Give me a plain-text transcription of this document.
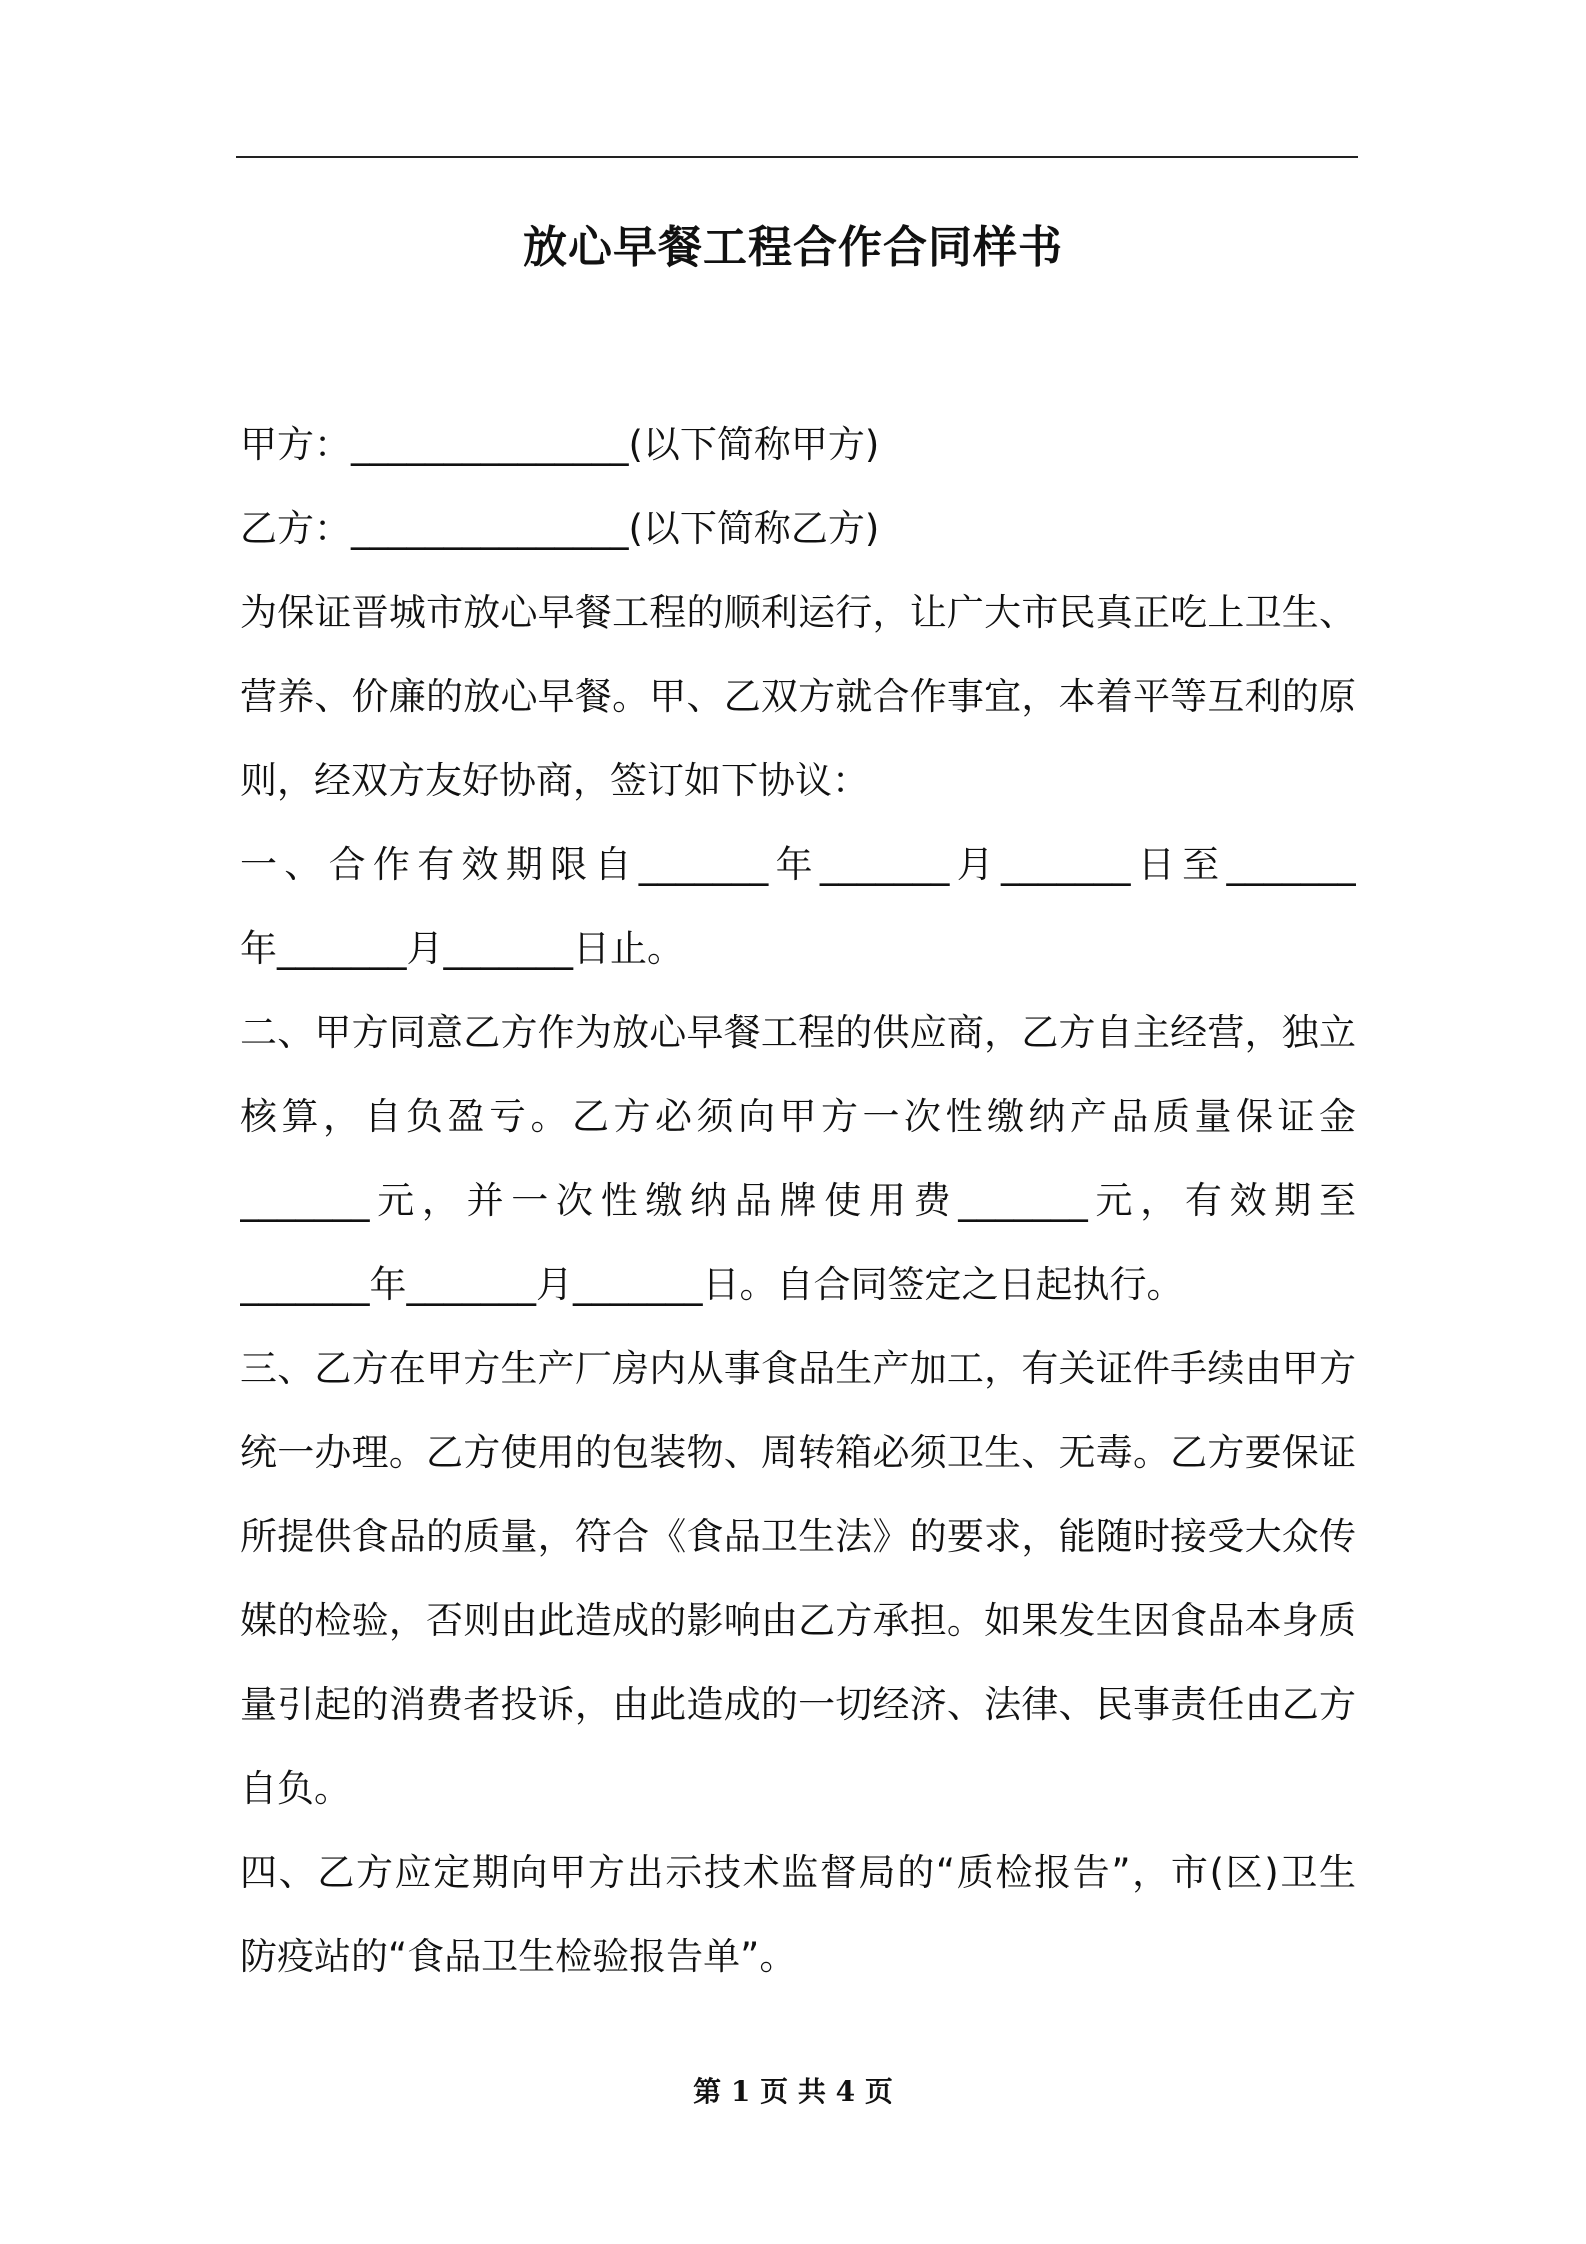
放心早餐工程合作合同样书
甲方：_______________(以下简称甲方)
乙方：_______________(以下简称乙方)
为保证晋城市放心早餐工程的顺利运行，让广大市民真正吃上卫生、
营养、价廉的放心早餐。甲、乙双方就合作事宜，本着平等互利的原
则，经双方友好协商，签订如下协议：
一、合作有效期限自_______年_______月_______日至_______
年_______月_______日止。
二、甲方同意乙方作为放心早餐工程的供应商，乙方自主经营，独立
核算，自负盈亏。乙方必须向甲方一次性缴纳产品质量保证金
_______元，并一次性缴纳品牌使用费_______元，有效期至
_______年_______月_______日。自合同签定之日起执行。
三、乙方在甲方生产厂房内从事食品生产加工，有关证件手续由甲方
统一办理。乙方使用的包装物、周转箱必须卫生、无毒。乙方要保证
所提供食品的质量，符合《食品卫生法》的要求，能随时接受大众传
媒的检验，否则由此造成的影响由乙方承担。如果发生因食品本身质
量引起的消费者投诉，由此造成的一切经济、法律、民事责任由乙方
自负。
四、乙方应定期向甲方出示技术监督局的“质检报告”，市(区)卫生
防疫站的“食品卫生检验报告单”。
第 1 页 共 4 页
